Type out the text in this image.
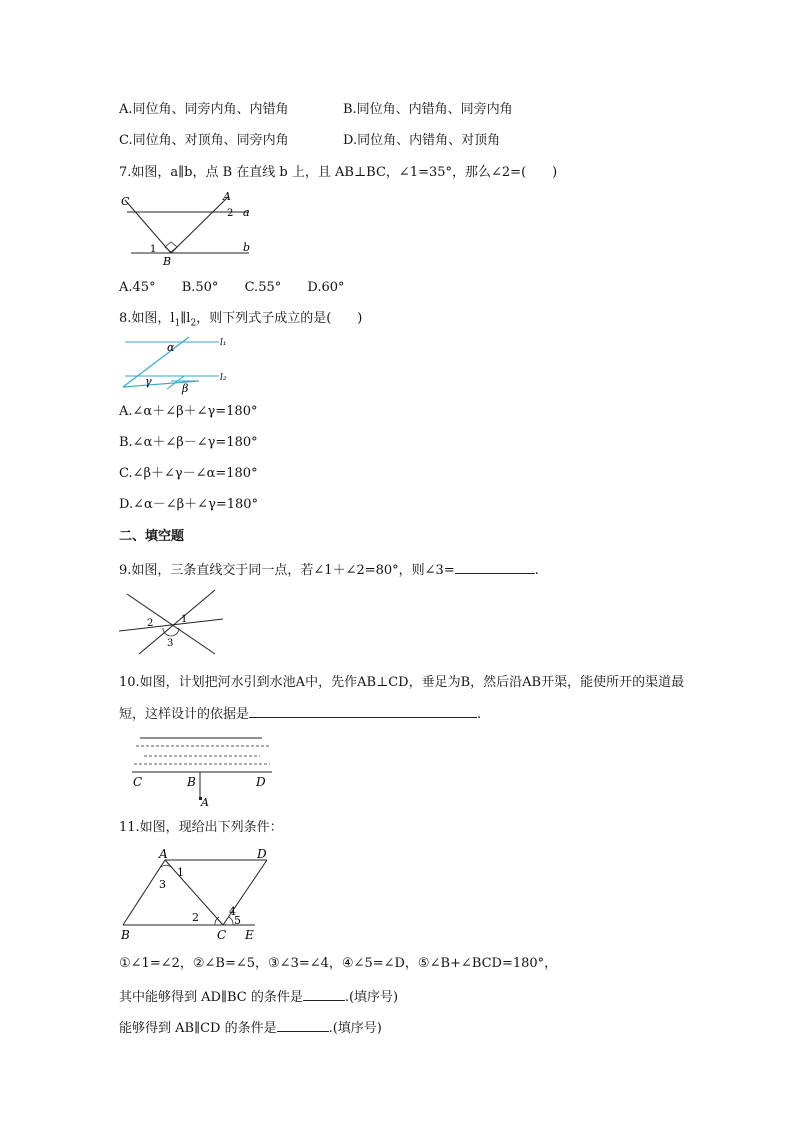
A.同位角、同旁内角、内错角	B.同位角、内错角、同旁内角
C.同位角、对顶角、同旁内角	D.同位角、内错角、对顶角
7.如图，a∥b，点 B 在直线 b 上，且 AB⊥BC，∠1=35°，那么∠2=(　　)
C	A
2 a
b
1
B
A.45° B.50° C.55° D.60°
8.如图，$l_1\parallel l_2$，则下列式子成立的是(　　)
α
γ
β
l₁
l₂
A.∠α＋∠β＋∠γ=180°
B.∠α＋∠β－∠γ=180°
C.∠β＋∠γ－∠α=180°
D.∠α－∠β＋∠γ=180°
二、填空题
9.如图，三条直线交于同一点，若∠1＋∠2=80°，则∠3=	.
2	1
3
10.如图，计划把河水引到水池A中，先作AB⊥CD，垂足为B，然后沿AB开渠，能使所开的渠道最
短，这样设计的依据是	.
C	B	D
A
11.如图，现给出下列条件：
A	D
B	C E
1
3
2	4
5
①∠1=∠2，②∠B=∠5，③∠3=∠4，④∠5=∠D，⑤∠B+∠BCD=180°，
其中能够得到 AD∥BC 的条件是	.(填序号)
能够得到 AB∥CD 的条件是	.(填序号)
